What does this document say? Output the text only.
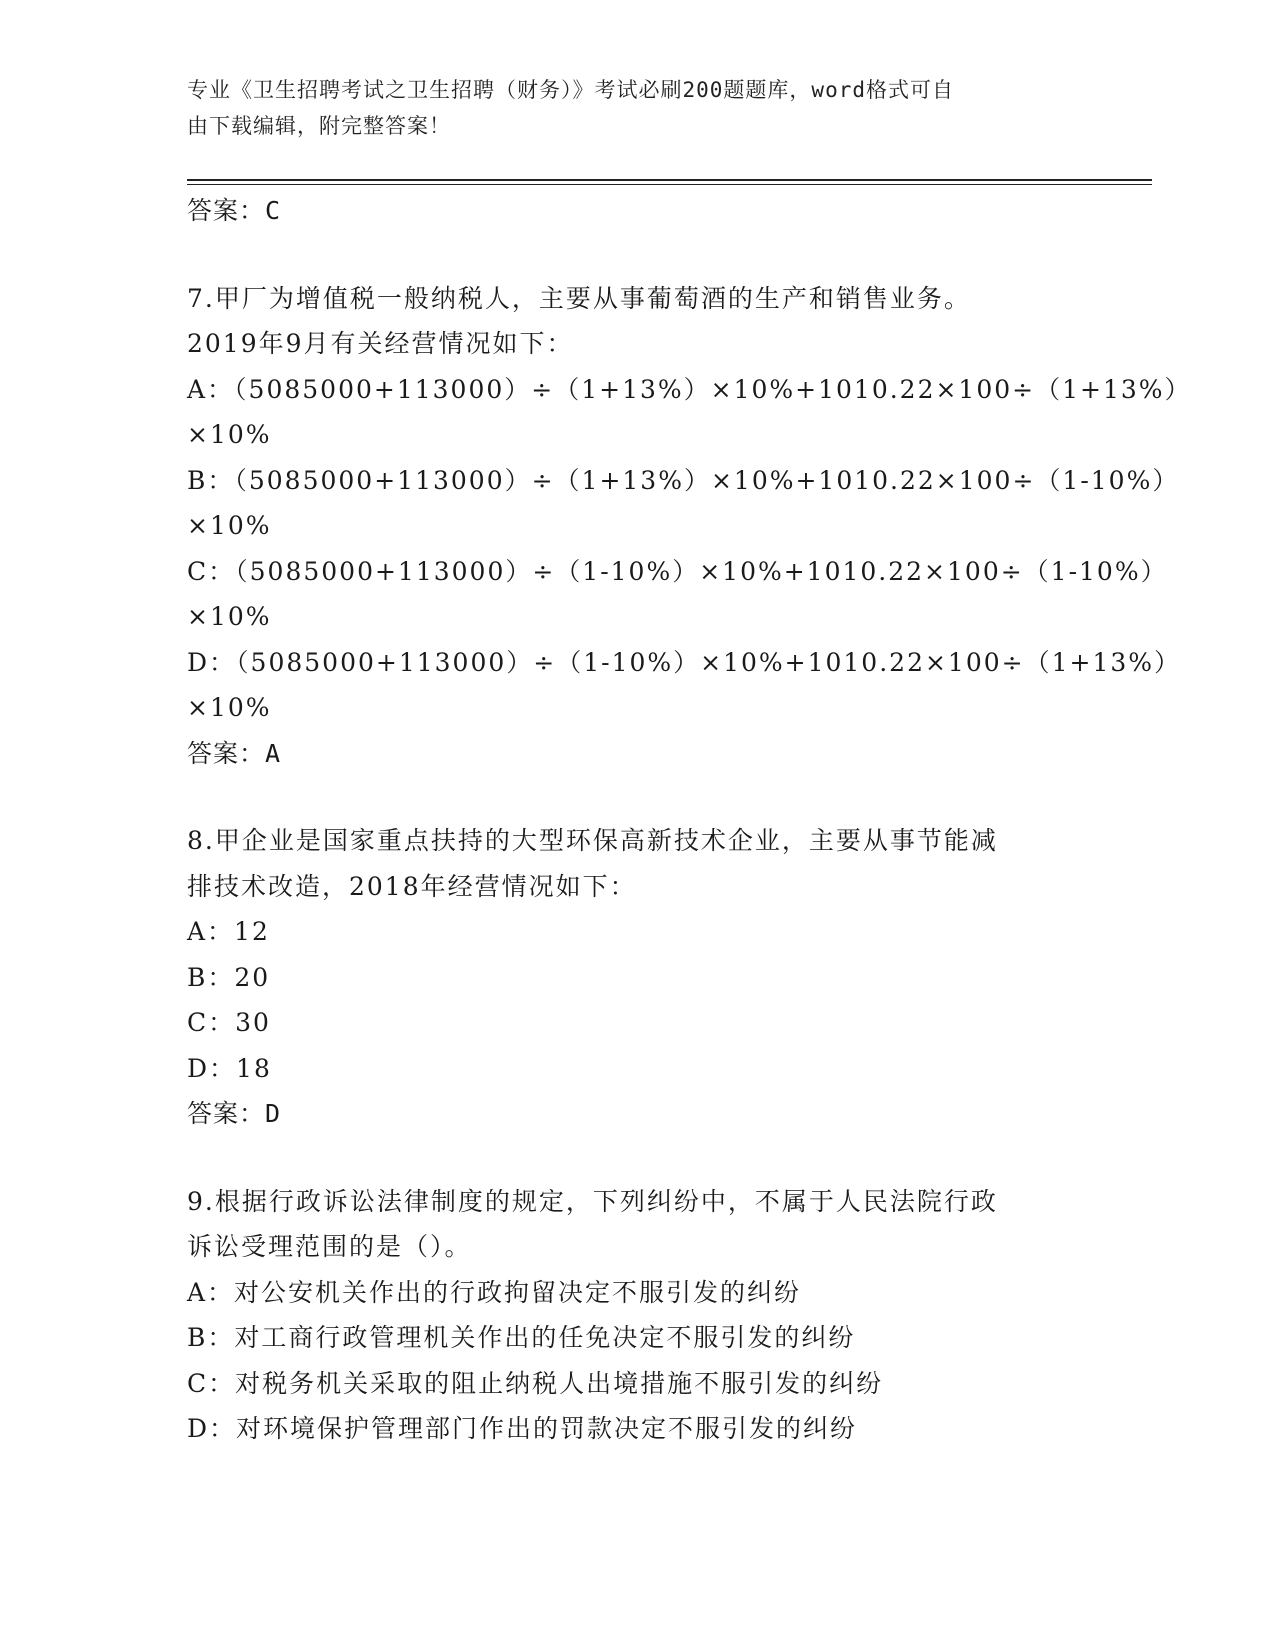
专业《卫生招聘考试之卫生招聘（财务）》考试必刷200题题库，word格式可自
由下载编辑，附完整答案！
答案：C
7.甲厂为增值税一般纳税人，主要从事葡萄酒的生产和销售业务。
2019年9月有关经营情况如下：
A：（5085000+113000）÷（1+13%）×10%+1010.22×100÷（1+13%）
×10%
B：（5085000+113000）÷（1+13%）×10%+1010.22×100÷（1-10%）
×10%
C：（5085000+113000）÷（1-10%）×10%+1010.22×100÷（1-10%）
×10%
D：（5085000+113000）÷（1-10%）×10%+1010.22×100÷（1+13%）
×10%
答案：A
8.甲企业是国家重点扶持的大型环保高新技术企业，主要从事节能减
排技术改造，2018年经营情况如下：
A：12
B：20
C：30
D：18
答案：D
9.根据行政诉讼法律制度的规定，下列纠纷中，不属于人民法院行政
诉讼受理范围的是（）。
A：对公安机关作出的行政拘留决定不服引发的纠纷
B：对工商行政管理机关作出的任免决定不服引发的纠纷
C：对税务机关采取的阻止纳税人出境措施不服引发的纠纷
D：对环境保护管理部门作出的罚款决定不服引发的纠纷
